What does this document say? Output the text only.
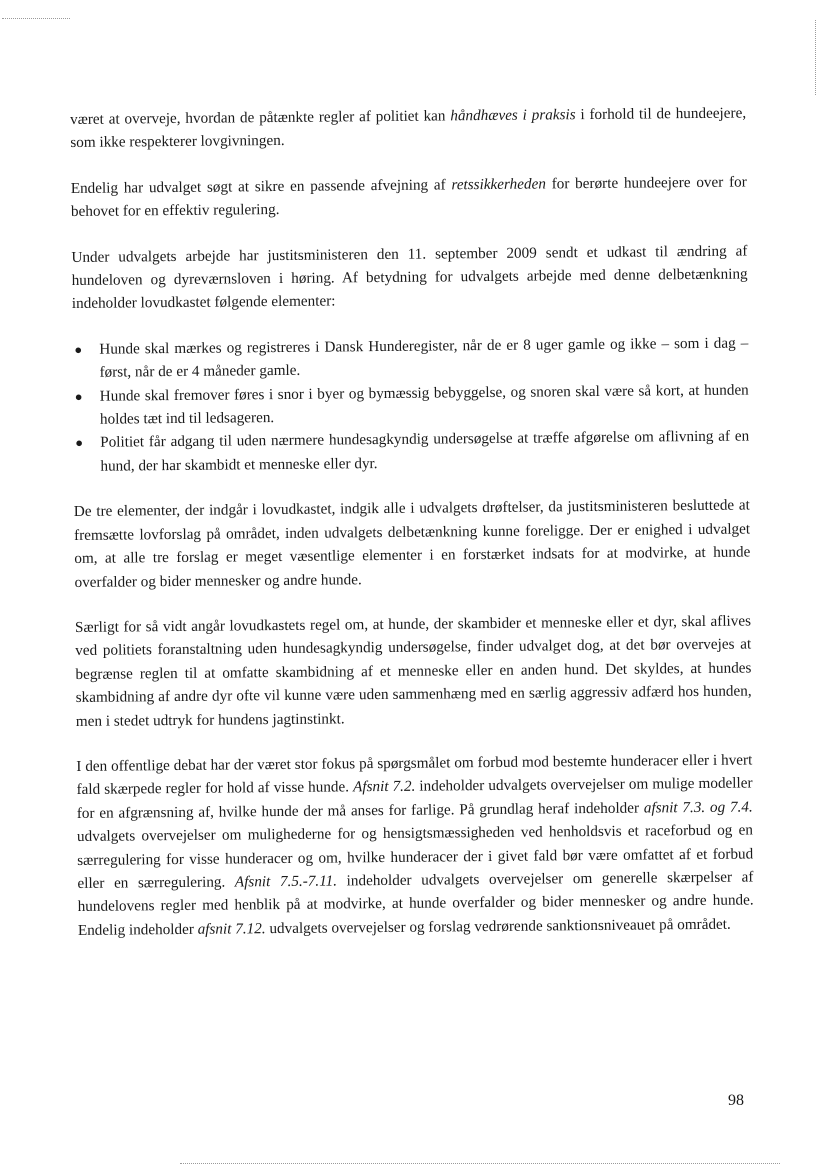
været at overveje, hvordan de påtænkte regler af politiet kan håndhæves i praksis i forhold til de hundeejere, som ikke respekterer lovgivningen.

Endelig har udvalget søgt at sikre en passende afvejning af retssikkerheden for berørte hundeejere over for behovet for en effektiv regulering.

Under udvalgets arbejde har justitsministeren den 11. september 2009 sendt et udkast til ændring af hundeloven og dyreværnsloven i høring. Af betydning for udvalgets arbejde med denne delbetænkning indeholder lovudkastet følgende elementer:

● Hunde skal mærkes og registreres i Dansk Hunderegister, når de er 8 uger gamle og ikke – som i dag – først, når de er 4 måneder gamle.
● Hunde skal fremover føres i snor i byer og bymæssig bebyggelse, og snoren skal være så kort, at hunden holdes tæt ind til ledsageren.
● Politiet får adgang til uden nærmere hundesagkyndig undersøgelse at træffe afgørelse om aflivning af en hund, der har skambidt et menneske eller dyr.

De tre elementer, der indgår i lovudkastet, indgik alle i udvalgets drøftelser, da justitsministeren besluttede at fremsætte lovforslag på området, inden udvalgets delbetænkning kunne foreligge. Der er enighed i udvalget om, at alle tre forslag er meget væsentlige elementer i en forstærket indsats for at modvirke, at hunde overfalder og bider mennesker og andre hunde.

Særligt for så vidt angår lovudkastets regel om, at hunde, der skambider et menneske eller et dyr, skal aflives ved politiets foranstaltning uden hundesagkyndig undersøgelse, finder udvalget dog, at det bør overvejes at begrænse reglen til at omfatte skambidning af et menneske eller en anden hund. Det skyldes, at hundes skambidning af andre dyr ofte vil kunne være uden sammenhæng med en særlig aggressiv adfærd hos hunden, men i stedet udtryk for hundens jagtinstinkt.

I den offentlige debat har der været stor fokus på spørgsmålet om forbud mod bestemte hunderacer eller i hvert fald skærpede regler for hold af visse hunde. Afsnit 7.2. indeholder udvalgets overvejelser om mulige modeller for en afgrænsning af, hvilke hunde der må anses for farlige. På grundlag heraf indeholder afsnit 7.3. og 7.4. udvalgets overvejelser om mulighederne for og hensigtsmæssigheden ved henholdsvis et raceforbud og en særregulering for visse hunderacer og om, hvilke hunderacer der i givet fald bør være omfattet af et forbud eller en særregulering. Afsnit 7.5.-7.11. indeholder udvalgets overvejelser om generelle skærpelser af hundelovens regler med henblik på at modvirke, at hunde overfalder og bider mennesker og andre hunde. Endelig indeholder afsnit 7.12. udvalgets overvejelser og forslag vedrørende sanktionsniveauet på området.

98
